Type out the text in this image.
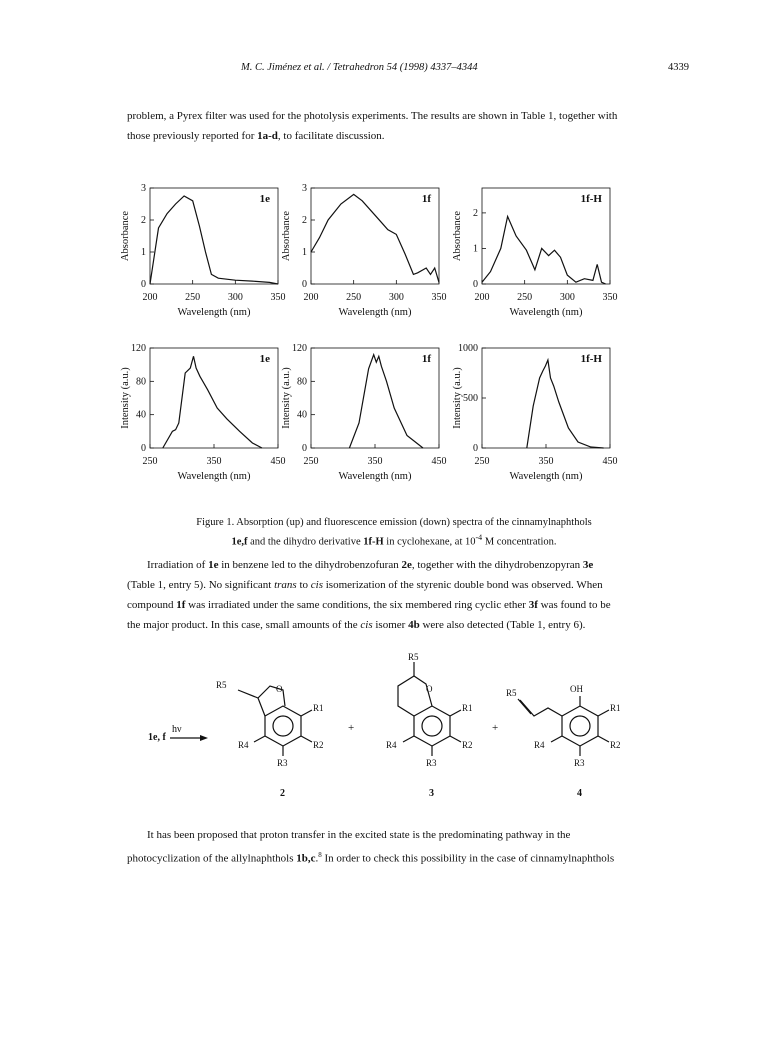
M. C. Jiménez et al. / Tetrahedron 54 (1998) 4337–4344	4339

problem, a Pyrex filter was used for the photolysis experiments. The results are shown in Table 1, together with

those previously reported for 1a-d, to facilitate discussion.

200	250	300	350
0
1
2
3
1e
Wavelength (nm)
Absorbance
200	250	300	350
0
1
2
3
1f
Wavelength (nm)
Absorbance
200	250	300	350
0
1
2
1f-H
Wavelength (nm)
Absorbance
250	350	450
0
40
80
120
1e
Wavelength (nm)
Intensity (a.u.)
250	350	450
0
40
80
120
1f
Wavelength (nm)
Intensity (a.u.)
250	350	450
0
500
1000
1f-H
Wavelength (nm)
Intensity (a.u.)
Figure 1. Absorption (up) and fluorescence emission (down) spectra of the cinnamylnaphthols
1e,f and the dihydro derivative 1f-H in cyclohexane, at $10^{-4}$ M concentration.

Irradiation of 1e in benzene led to the dihydrobenzofuran 2e, together with the dihydrobenzopyran 3e

(Table 1, entry 5). No significant trans to cis isomerization of the styrenic double bond was observed. When

compound 1f was irradiated under the same conditions, the six membered ring cyclic ether 3f was found to be

the major product. In this case, small amounts of the cis isomer 4b were also detected (Table 1, entry 6).

1e, f
hν
O
R5
R1
R2
R3
R4
2
+
R5
O
R1
R2
R3
R4
3
+
OH
R5
R1
R2
R3
R4
4

It has been proposed that proton transfer in the excited state is the predominating pathway in the

photocyclization of the allylnaphthols 1b,c.$^8$ In order to check this possibility in the case of cinnamylnaphthols
